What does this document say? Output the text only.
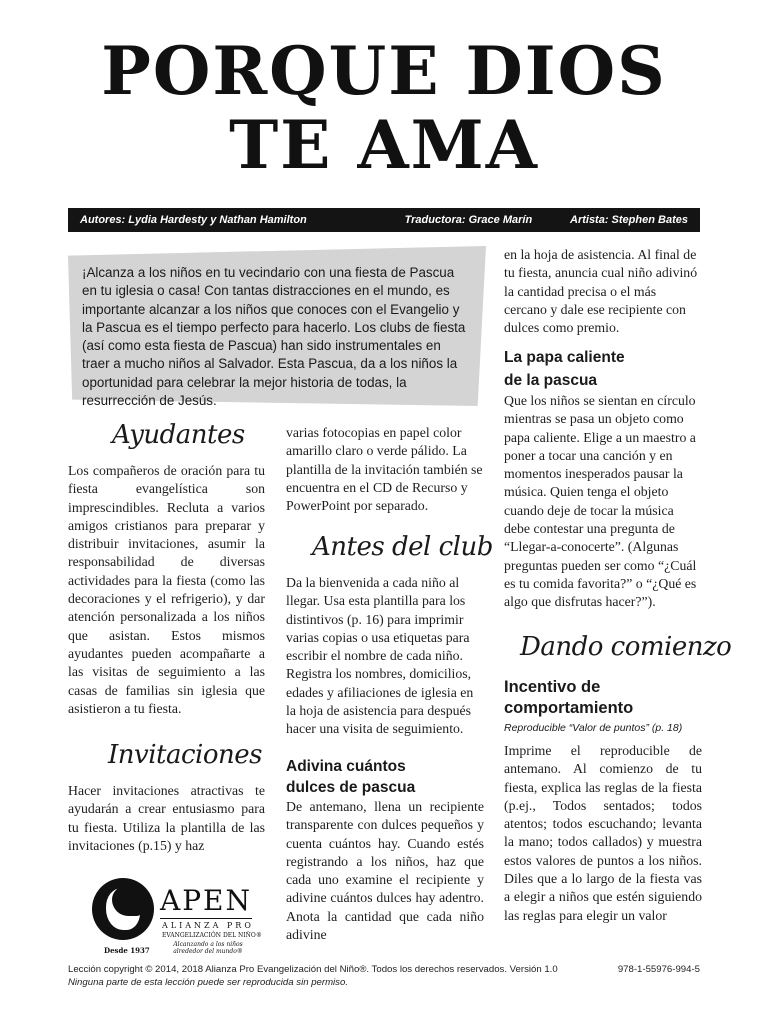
PORQUE DIOS
TE AMA
Autores: Lydia Hardesty y Nathan Hamilton	Traductora: Grace Marín	Artista: Stephen Bates
¡Alcanza a los niños en tu vecindario con una fiesta de Pascua en tu iglesia o casa! Con tantas distracciones en el mundo, es importante alcanzar a los niños que conoces con el Evangelio y la Pascua es el tiempo perfecto para hacerlo. Los clubs de fiesta (así como esta fiesta de Pascua) han sido instrumentales en traer a mucho niños al Salvador. Esta Pascua, da a los niños la oportunidad para celebrar la mejor historia de todas, la resurrección de Jesús.
Ayudantes
Los compañeros de oración para tu fiesta evangelística son imprescindibles. Recluta a varios amigos cristianos para preparar y distribuir invitaciones, asumir la responsabilidad de diversas actividades para la fiesta (como las decoraciones y el refrigerio), y dar atención personalizada a los niños que asistan. Estos mismos ayudantes pueden acompañarte a las visitas de seguimiento a las casas de familias sin iglesia que asistieron a tu fiesta.
Invitaciones
Hacer invitaciones atractivas te ayudarán a crear entusiasmo para tu fiesta. Utiliza la plantilla de las invitaciones (p.15) y haz
APEN
ALIANZA PRO
EVANGELIZACIÓN DEL NIÑO®
Desde 1937
Alcanzando a los niños alrededor del mundo®
varias fotocopias en papel color amarillo claro o verde pálido. La plantilla de la invitación también se encuentra en el CD de Recurso y PowerPoint por separado.
Antes del club
Da la bienvenida a cada niño al llegar. Usa esta plantilla para los distintivos (p. 16) para imprimir varias copias o usa etiquetas para escribir el nombre de cada niño. Registra los nombres, domicilios, edades y afiliaciones de iglesia en la hoja de asistencia para después hacer una visita de seguimiento.
Adivina cuántos
dulces de pascua
De antemano, llena un recipiente transparente con dulces pequeños y cuenta cuántos hay. Cuando estés registrando a los niños, haz que cada uno examine el recipiente y adivine cuántos dulces hay adentro. Anota la cantidad que cada niño adivine
en la hoja de asistencia. Al final de tu fiesta, anuncia cual niño adivinó la cantidad precisa o el más cercano y dale ese recipiente con dulces como premio.
La papa caliente
de la pascua
Que los niños se sientan en círculo mientras se pasa un objeto como papa caliente. Elige a un maestro a poner a tocar una canción y en momentos inesperados pausar la música. Quien tenga el objeto cuando deje de tocar la música debe contestar una pregunta de “Llegar-a-conocerte”. (Algunas preguntas pueden ser como “¿Cuál es tu comida favorita?” o “¿Qué es algo que disfrutas hacer?”).
Dando comienzo
Incentivo de
comportamiento
Reproducible “Valor de puntos” (p. 18)
Imprime el reproducible de antemano. Al comienzo de tu fiesta, explica las reglas de la fiesta (p.ej., Todos sentados; todos atentos; todos escuchando; levanta la mano; todos callados) y muestra estos valores de puntos a los niños. Diles que a lo largo de la fiesta vas a elegir a niños que estén siguiendo las reglas para elegir un valor
Lección copyright © 2014, 2018 Alianza Pro Evangelización del Niño®. Todos los derechos reservados. Versión 1.0	978-1-55976-994-5
Ninguna parte de esta lección puede ser reproducida sin permiso.
